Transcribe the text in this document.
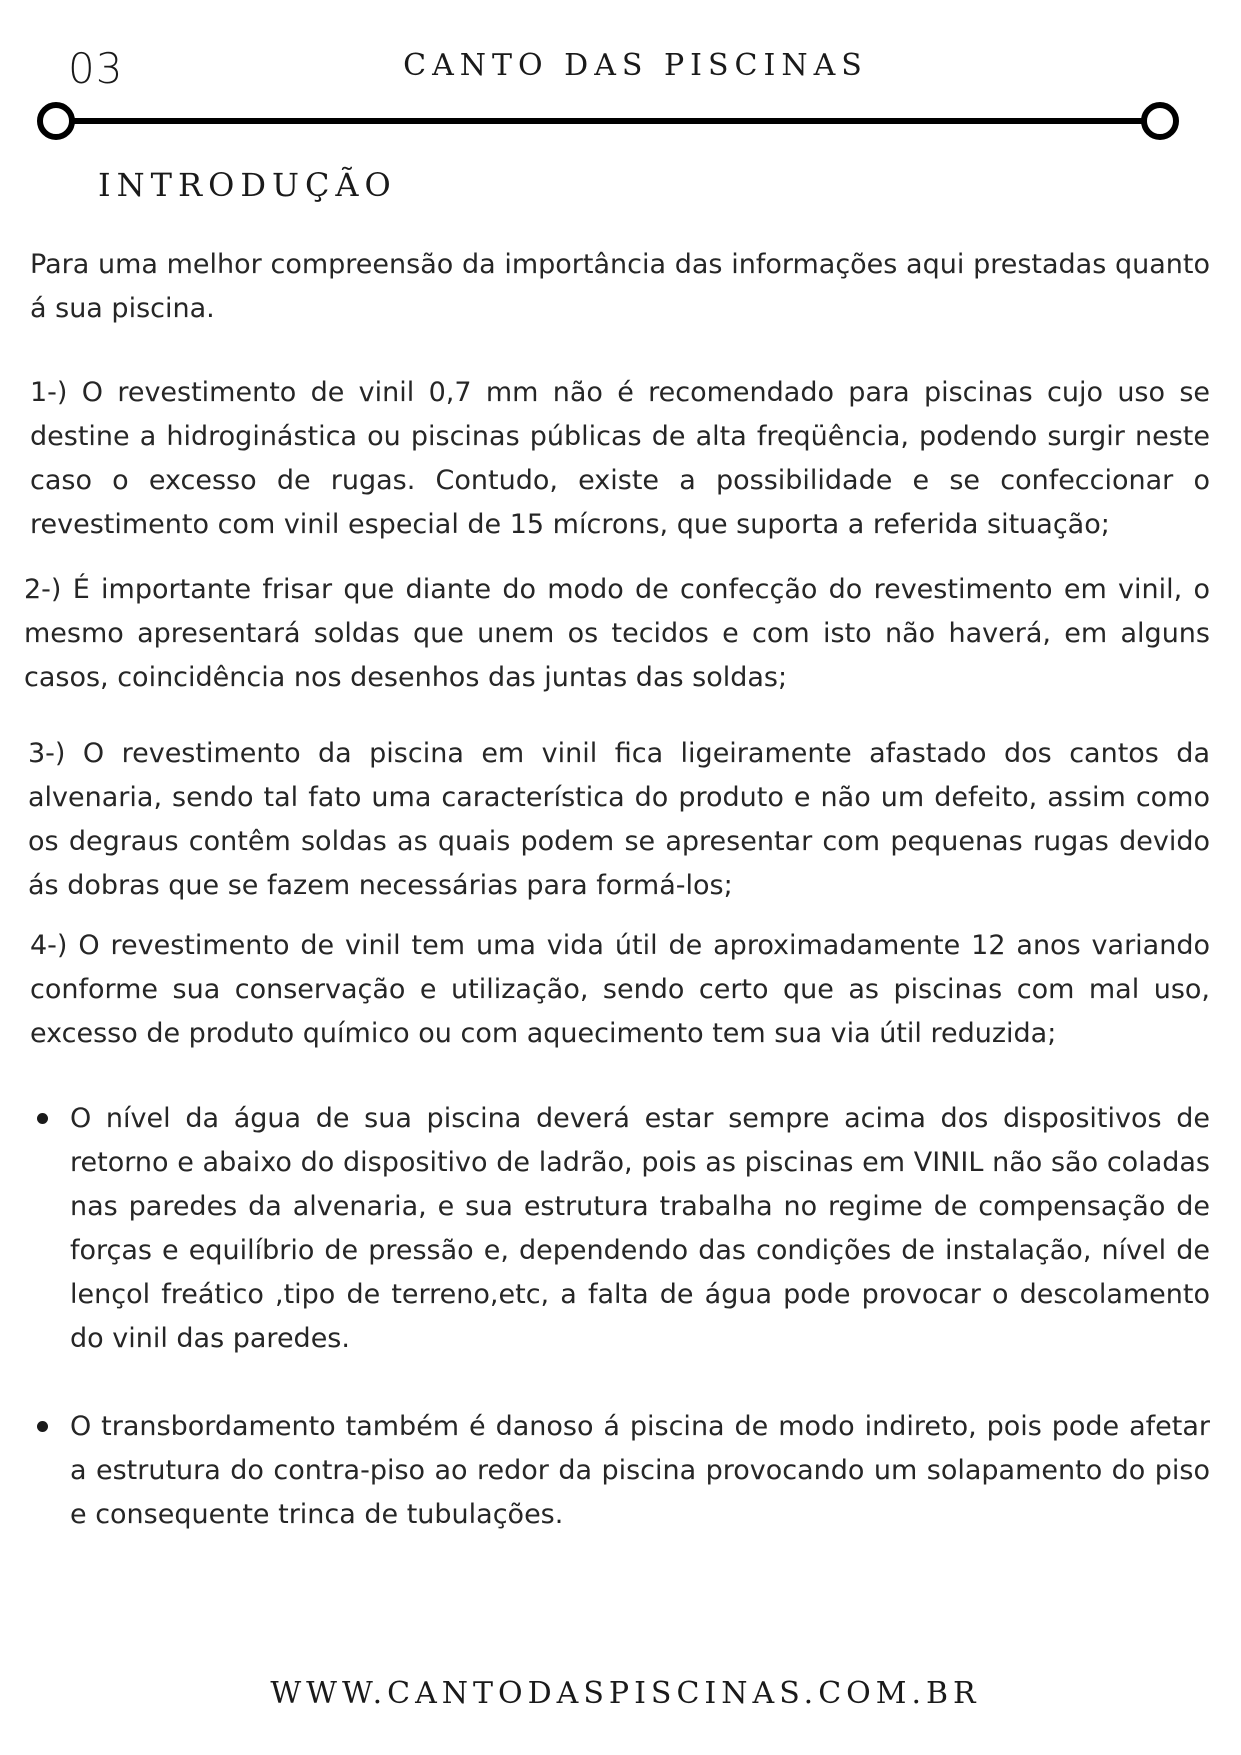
03	CANTO DAS PISCINAS
INTRODUÇÃO

Para uma melhor compreensão da importância das informações aqui prestadas quanto á sua piscina.

1-) O revestimento de vinil 0,7 mm não é recomendado para piscinas cujo uso se destine a hidroginástica ou piscinas públicas de alta freqüência, podendo surgir neste caso o excesso de rugas. Contudo, existe a possibilidade e se confeccionar o revestimento com vinil especial de 15 mícrons, que suporta a referida situação;

2-) É importante frisar que diante do modo de confecção do revestimento em vinil, o mesmo apresentará soldas que unem os tecidos e com isto não haverá, em alguns casos, coincidência nos desenhos das juntas das soldas;

3-) O revestimento da piscina em vinil fica ligeiramente afastado dos cantos da alvenaria, sendo tal fato uma característica do produto e não um defeito, assim como os degraus contêm soldas as quais podem se apresentar com pequenas rugas devido ás dobras que se fazem necessárias para formá-los;

4-) O revestimento de vinil tem uma vida útil de aproximadamente 12 anos variando conforme sua conservação e utilização, sendo certo que as piscinas com mal uso, excesso de produto químico ou com aquecimento tem sua via útil reduzida;

O nível da água de sua piscina deverá estar sempre acima dos dispositivos de retorno e abaixo do dispositivo de ladrão, pois as piscinas em VINIL não são coladas nas paredes da alvenaria, e sua estrutura trabalha no regime de compensação de forças e equilíbrio de pressão e, dependendo das condições de instalação, nível de lençol freático ,tipo de terreno,etc, a falta de água pode provocar o descolamento do vinil das paredes.

O transbordamento também é danoso á piscina de modo indireto, pois pode afetar a estrutura do contra-piso ao redor da piscina provocando um solapamento do piso e consequente trinca de tubulações.

WWW.CANTODASPISCINAS.COM.BR
